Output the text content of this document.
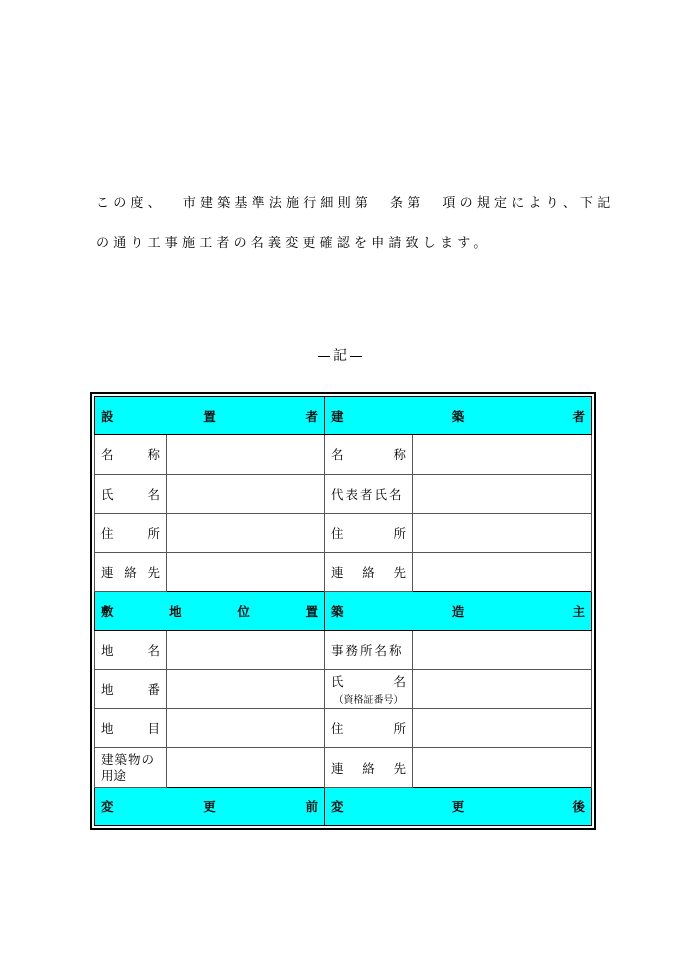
この度、 市建築基準法施行細則第 条第 項の規定により、下記
の通り工事施工者の名義変更確認を申請致します。
記
設 置 者		建 築 者	

名 称		名 称	

氏 名		代表者氏名	

住 所		住 所	

連 絡 先		連 絡 先	

敷 地 位 置		築 造 主	

地 名		事務所名称	

地 番		氏 名
（資格証番号）	

地 目		住 所	

建築物の
用途		連 絡 先	

変 更 前		変 更 後	
